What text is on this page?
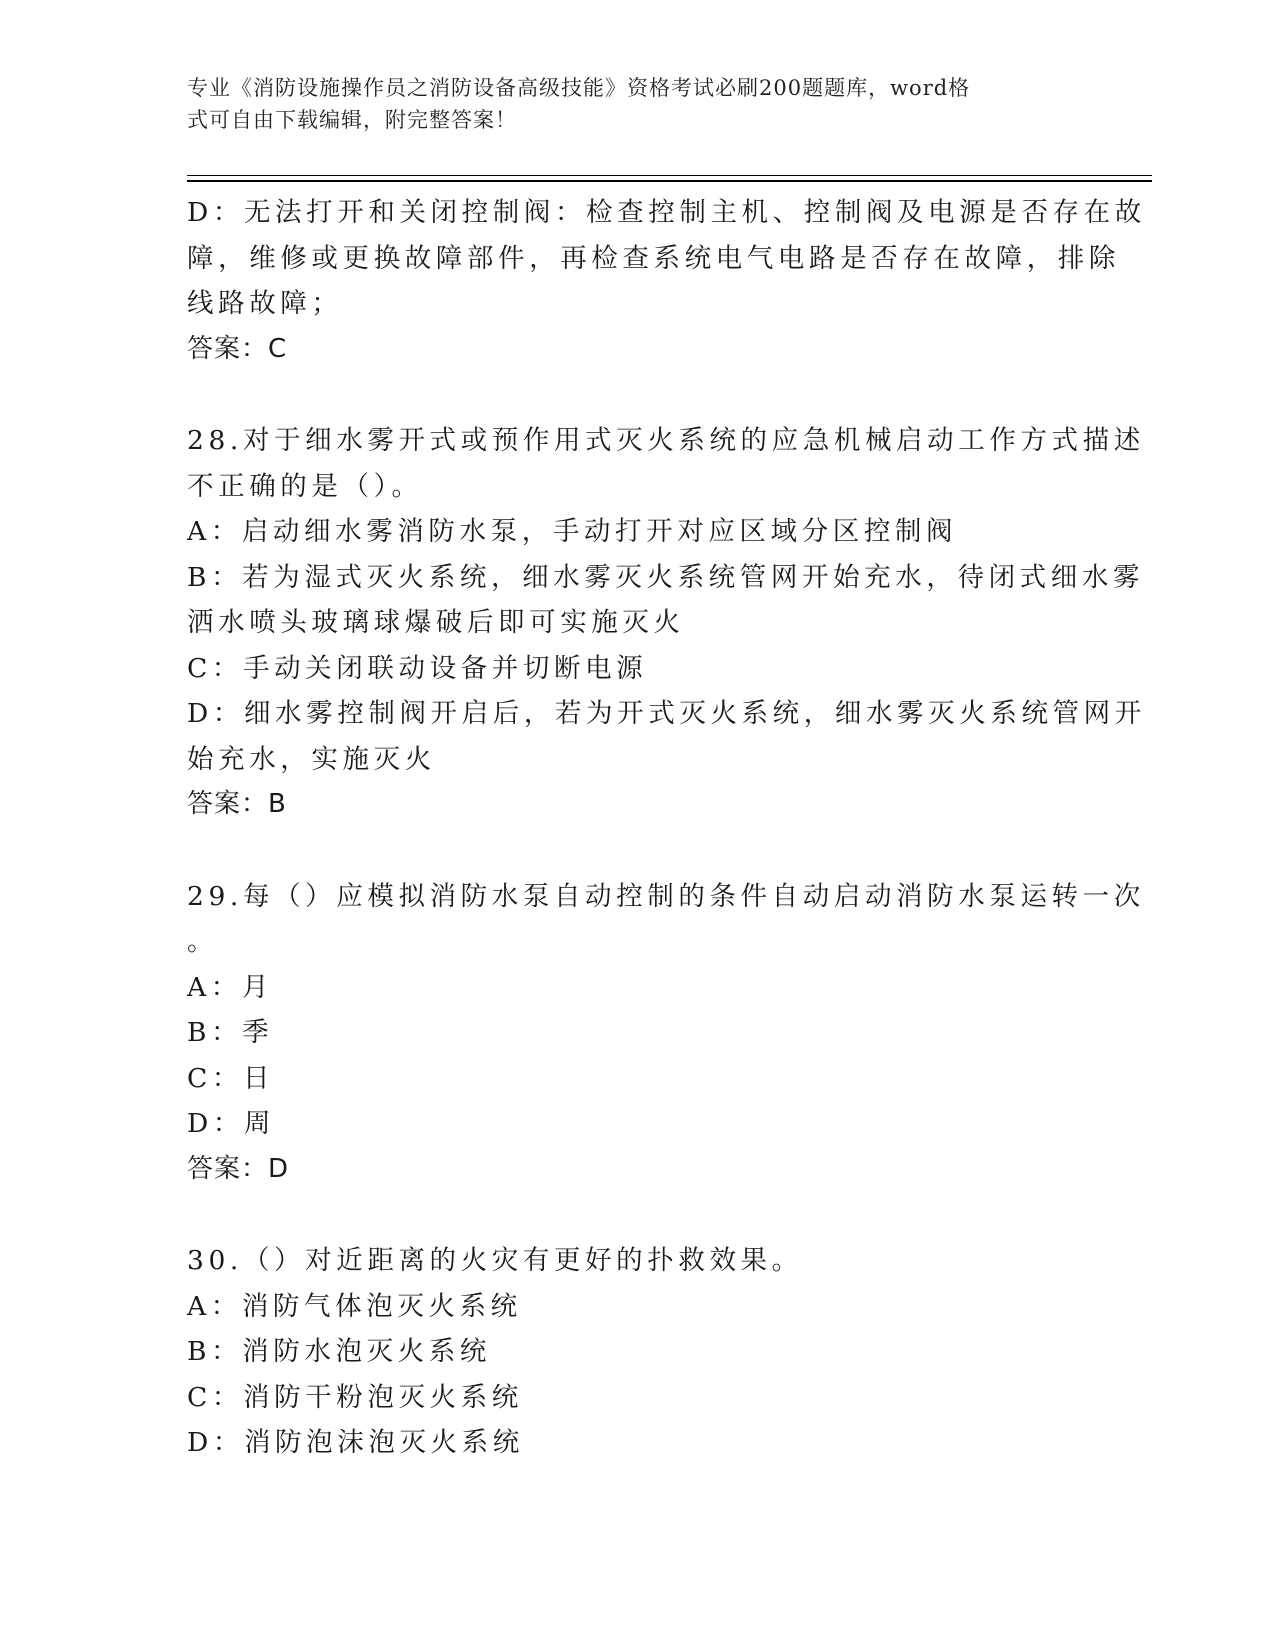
专业《消防设施操作员之消防设备高级技能》资格考试必刷200题题库，word格
式可自由下载编辑，附完整答案！
D：无法打开和关闭控制阀：检查控制主机、控制阀及电源是否存在故
障，维修或更换故障部件，再检查系统电气电路是否存在故障，排除
线路故障；
答案：C
28.对于细水雾开式或预作用式灭火系统的应急机械启动工作方式描述
不正确的是（）。
A：启动细水雾消防水泵，手动打开对应区域分区控制阀
B：若为湿式灭火系统，细水雾灭火系统管网开始充水，待闭式细水雾
洒水喷头玻璃球爆破后即可实施灭火
C：手动关闭联动设备并切断电源
D：细水雾控制阀开启后，若为开式灭火系统，细水雾灭火系统管网开
始充水，实施灭火
答案：B
29.每（）应模拟消防水泵自动控制的条件自动启动消防水泵运转一次
。
A：月
B：季
C：日
D：周
答案：D
30.（）对近距离的火灾有更好的扑救效果。
A：消防气体泡灭火系统
B：消防水泡灭火系统
C：消防干粉泡灭火系统
D：消防泡沫泡灭火系统
